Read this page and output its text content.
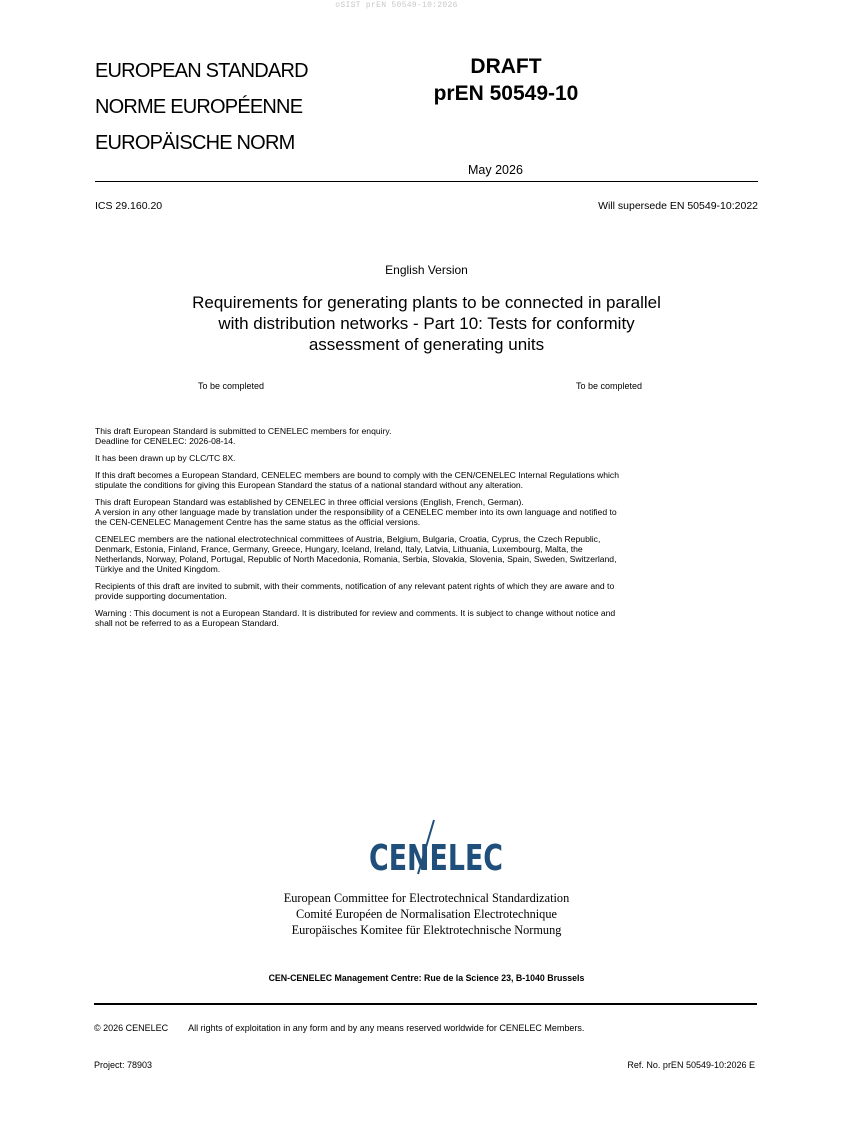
oSIST prEN 50549-10:2026
EUROPEAN STANDARD
NORME EUROPÉENNE
EUROPÄISCHE NORM
DRAFT
prEN 50549-10
May 2026
ICS 29.160.20	Will supersede EN 50549-10:2022
English Version
Requirements for generating plants to be connected in parallel
with distribution networks - Part 10: Tests for conformity
assessment of generating units
To be completed	To be completed

This draft European Standard is submitted to CENELEC members for enquiry.
Deadline for CENELEC: 2026-08-14.

It has been drawn up by CLC/TC 8X.

If this draft becomes a European Standard, CENELEC members are bound to comply with the CEN/CENELEC Internal Regulations which
stipulate the conditions for giving this European Standard the status of a national standard without any alteration.

This draft European Standard was established by CENELEC in three official versions (English, French, German).
A version in any other language made by translation under the responsibility of a CENELEC member into its own language and notified to
the CEN-CENELEC Management Centre has the same status as the official versions.

CENELEC members are the national electrotechnical committees of Austria, Belgium, Bulgaria, Croatia, Cyprus, the Czech Republic,
Denmark, Estonia, Finland, France, Germany, Greece, Hungary, Iceland, Ireland, Italy, Latvia, Lithuania, Luxembourg, Malta, the
Netherlands, Norway, Poland, Portugal, Republic of North Macedonia, Romania, Serbia, Slovakia, Slovenia, Spain, Sweden, Switzerland,
Türkiye and the United Kingdom.

Recipients of this draft are invited to submit, with their comments, notification of any relevant patent rights of which they are aware and to
provide supporting documentation.

Warning : This document is not a European Standard. It is distributed for review and comments. It is subject to change without notice and
shall not be referred to as a European Standard.

CENELEC
European Committee for Electrotechnical Standardization
Comité Européen de Normalisation Electrotechnique
Europäisches Komitee für Elektrotechnische Normung
CEN-CENELEC Management Centre: Rue de la Science 23, B-1040 Brussels
© 2026 CENELEC All rights of exploitation in any form and by any means reserved worldwide for CENELEC Members.
Project: 78903	Ref. No. prEN 50549-10:2026 E
